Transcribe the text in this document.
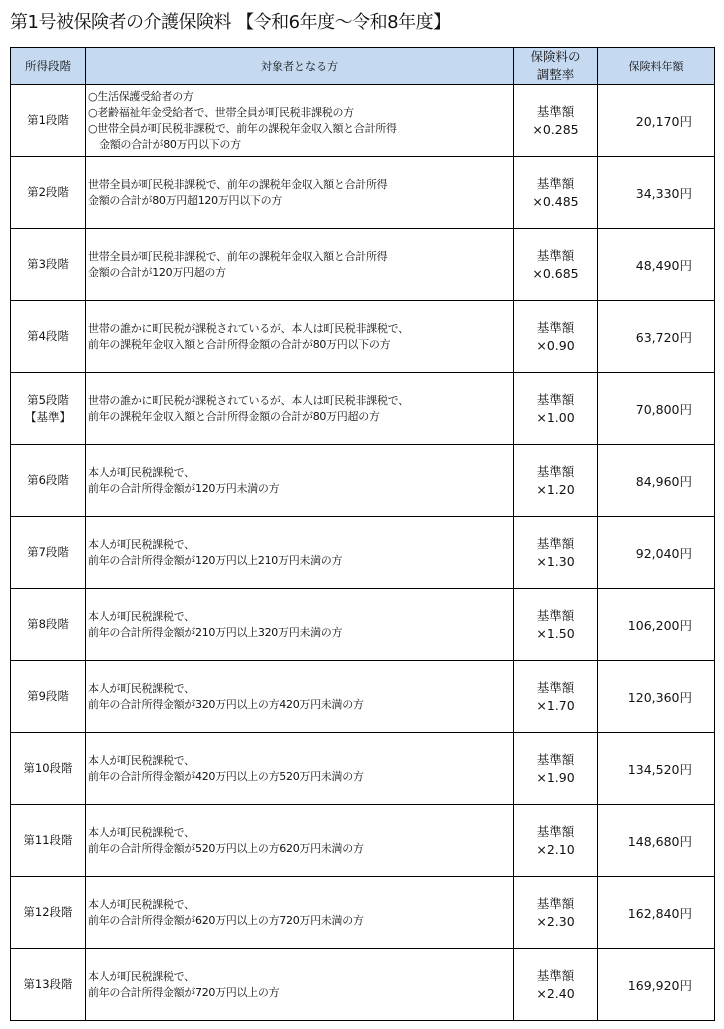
第1号被保険者の介護保険料 【令和6年度～令和8年度】
所得段階	対象者となる方	保険料の
調整率	保険料年額

第1段階	○生活保護受給者の方
○老齢福祉年金受給者で、世帯全員が町民税非課税の方
○世帯全員が町民税非課税で、前年の課税年金収入額と合計所得
金額の合計が80万円以下の方	基準額
×0.285	20,170円

第2段階	世帯全員が町民税非課税で、前年の課税年金収入額と合計所得
金額の合計が80万円超120万円以下の方	基準額
×0.485	34,330円

第3段階	世帯全員が町民税非課税で、前年の課税年金収入額と合計所得
金額の合計が120万円超の方	基準額
×0.685	48,490円

第4段階	世帯の誰かに町民税が課税されているが、本人は町民税非課税で、
前年の課税年金収入額と合計所得金額の合計が80万円以下の方	基準額
×0.90	63,720円

第5段階
【基準】	世帯の誰かに町民税が課税されているが、本人は町民税非課税で、
前年の課税年金収入額と合計所得金額の合計が80万円超の方	基準額
×1.00	70,800円

第6段階	本人が町民税課税で、
前年の合計所得金額が120万円未満の方	基準額
×1.20	84,960円

第7段階	本人が町民税課税で、
前年の合計所得金額が120万円以上210万円未満の方	基準額
×1.30	92,040円

第8段階	本人が町民税課税で、
前年の合計所得金額が210万円以上320万円未満の方	基準額
×1.50	106,200円

第9段階	本人が町民税課税で、
前年の合計所得金額が320万円以上の方420万円未満の方	基準額
×1.70	120,360円

第10段階	本人が町民税課税で、
前年の合計所得金額が420万円以上の方520万円未満の方	基準額
×1.90	134,520円

第11段階	本人が町民税課税で、
前年の合計所得金額が520万円以上の方620万円未満の方	基準額
×2.10	148,680円

第12段階	本人が町民税課税で、
前年の合計所得金額が620万円以上の方720万円未満の方	基準額
×2.30	162,840円

第13段階	本人が町民税課税で、
前年の合計所得金額が720万円以上の方	基準額
×2.40	169,920円
